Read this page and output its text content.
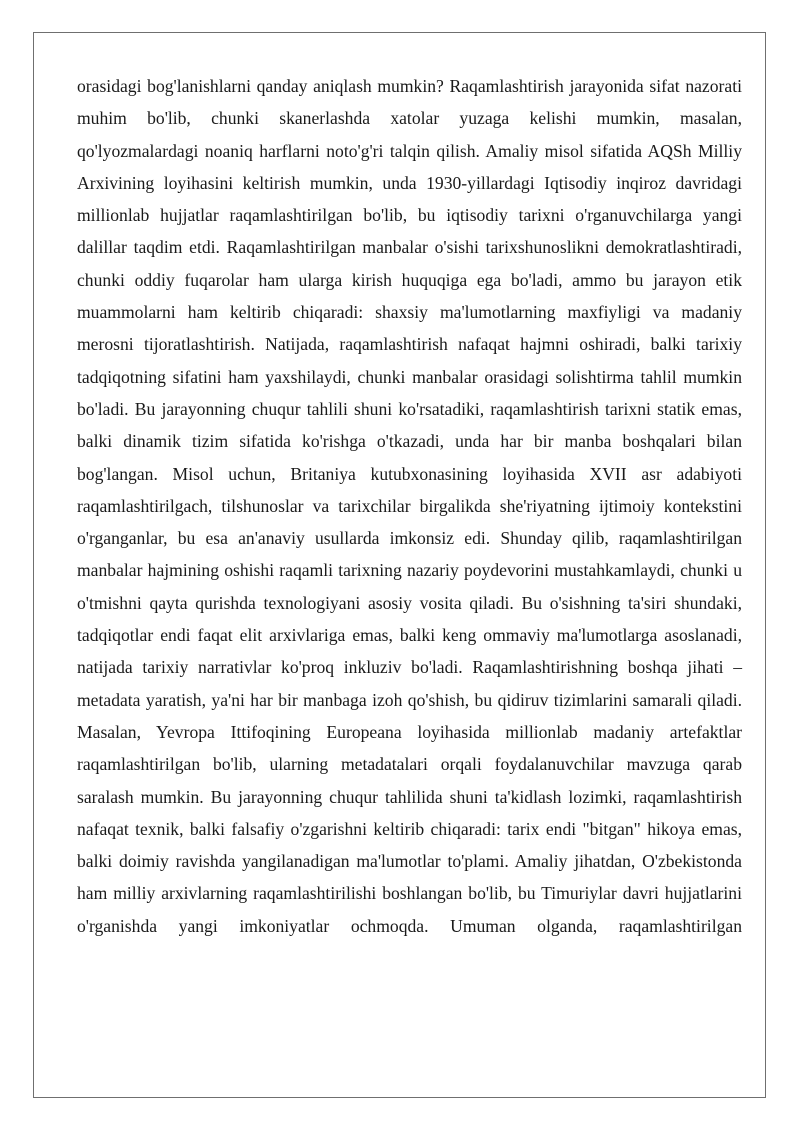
orasidagi bog'lanishlarni qanday aniqlash mumkin? Raqamlashtirish jarayonida sifat nazorati muhim bo'lib, chunki skanerlashda xatolar yuzaga kelishi mumkin, masalan, qo'lyozmalardagi noaniq harflarni noto'g'ri talqin qilish. Amaliy misol sifatida AQSh Milliy Arxivining loyihasini keltirish mumkin, unda 1930-yillardagi Iqtisodiy inqiroz davridagi millionlab hujjatlar raqamlashtirilgan bo'lib, bu iqtisodiy tarixni o'rganuvchilarga yangi dalillar taqdim etdi. Raqamlashtirilgan manbalar o'sishi tarixshunoslikni demokratlashtiradi, chunki oddiy fuqarolar ham ularga kirish huquqiga ega bo'ladi, ammo bu jarayon etik muammolarni ham keltirib chiqaradi: shaxsiy ma'lumotlarning maxfiyligi va madaniy merosni tijoratlashtirish. Natijada, raqamlashtirish nafaqat hajmni oshiradi, balki tarixiy tadqiqotning sifatini ham yaxshilaydi, chunki manbalar orasidagi solishtirma tahlil mumkin bo'ladi. Bu jarayonning chuqur tahlili shuni ko'rsatadiki, raqamlashtirish tarixni statik emas, balki dinamik tizim sifatida ko'rishga o'tkazadi, unda har bir manba boshqalari bilan bog'langan. Misol uchun, Britaniya kutubxonasining loyihasida XVII asr adabiyoti raqamlashtirilgach, tilshunoslar va tarixchilar birgalikda she'riyatning ijtimoiy kontekstini o'rganganlar, bu esa an'anaviy usullarda imkonsiz edi. Shunday qilib, raqamlashtirilgan manbalar hajmining oshishi raqamli tarixning nazariy poydevorini mustahkamlaydi, chunki u o'tmishni qayta qurishda texnologiyani asosiy vosita qiladi. Bu o'sishning ta'siri shundaki, tadqiqotlar endi faqat elit arxivlariga emas, balki keng ommaviy ma'lumotlarga asoslanadi, natijada tarixiy narrativlar ko'proq inkluziv bo'ladi. Raqamlashtirishning boshqa jihati – metadata yaratish, ya'ni har bir manbaga izoh qo'shish, bu qidiruv tizimlarini samarali qiladi. Masalan, Yevropa Ittifoqining Europeana loyihasida millionlab madaniy artefaktlar raqamlashtirilgan bo'lib, ularning metadatalari orqali foydalanuvchilar mavzuga qarab saralash mumkin. Bu jarayonning chuqur tahlilida shuni ta'kidlash lozimki, raqamlashtirish nafaqat texnik, balki falsafiy o'zgarishni keltirib chiqaradi: tarix endi "bitgan" hikoya emas, balki doimiy ravishda yangilanadigan ma'lumotlar to'plami. Amaliy jihatdan, O'zbekistonda ham milliy arxivlarning raqamlashtirilishi boshlangan bo'lib, bu Timuriylar davri hujjatlarini o'rganishda yangi imkoniyatlar ochmoqda. Umuman olganda, raqamlashtirilgan
